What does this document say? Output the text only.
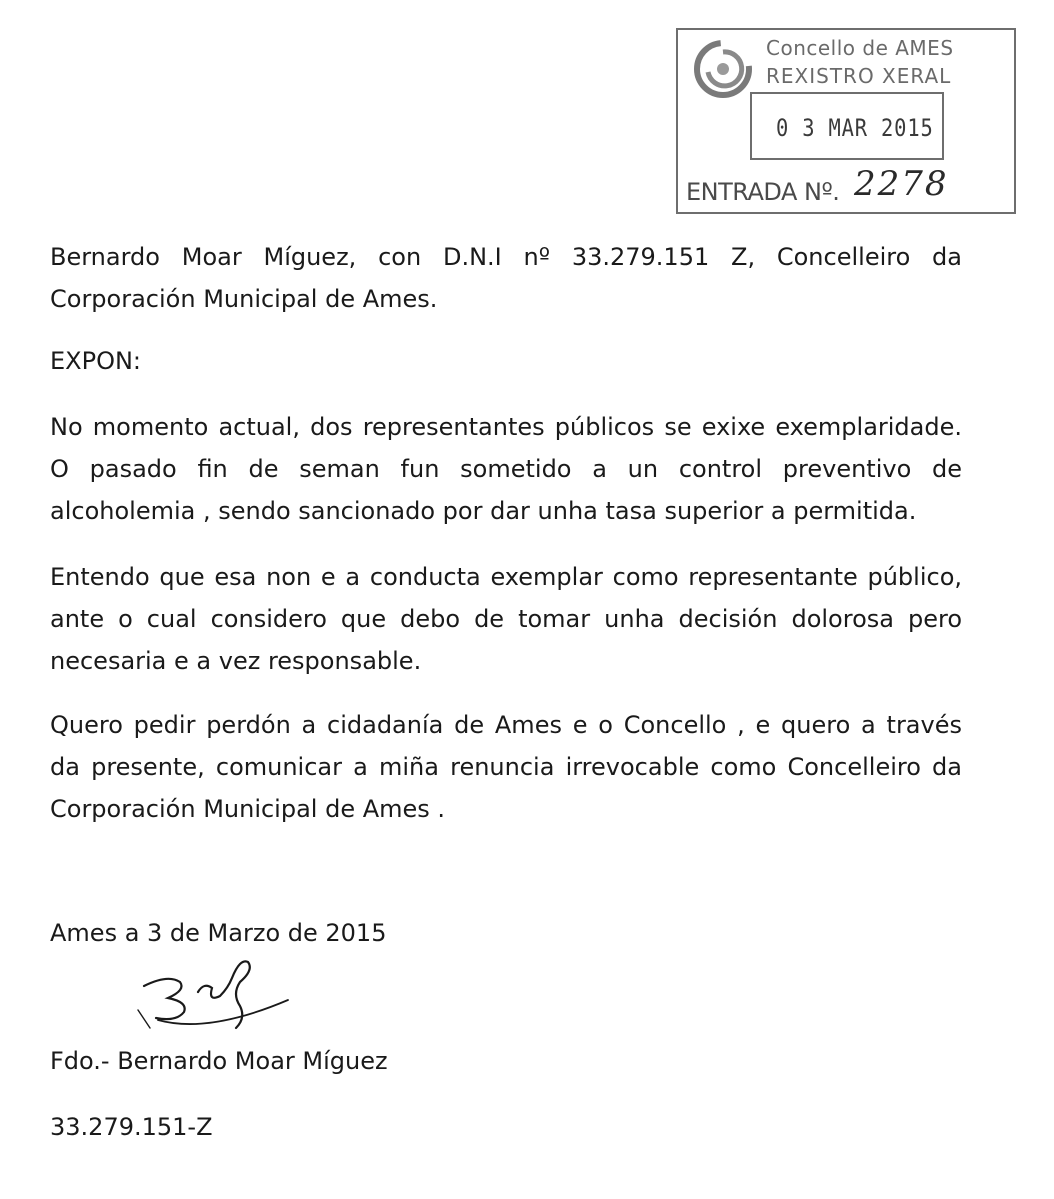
Concello de AMES
REXISTRO XERAL
0 3 MAR 2015
ENTRADA Nº. 2278

Bernardo Moar Míguez, con D.N.I nº 33.279.151 Z, Concelleiro da

Corporación Municipal de Ames.

EXPON:

No momento actual, dos representantes públicos se exixe exemplaridade.

O pasado fin de seman fun sometido a un control preventivo de

alcoholemia , sendo sancionado por dar unha tasa superior a permitida.

Entendo que esa non e a conducta exemplar como representante público,

ante o cual considero que debo de tomar unha decisión dolorosa pero

necesaria e a vez responsable.

Quero pedir perdón a cidadanía de Ames e o Concello , e quero a través

da presente, comunicar a miña renuncia irrevocable como Concelleiro da

Corporación Municipal de Ames .

Ames a 3 de Marzo de 2015

Fdo.- Bernardo Moar Míguez

33.279.151-Z
